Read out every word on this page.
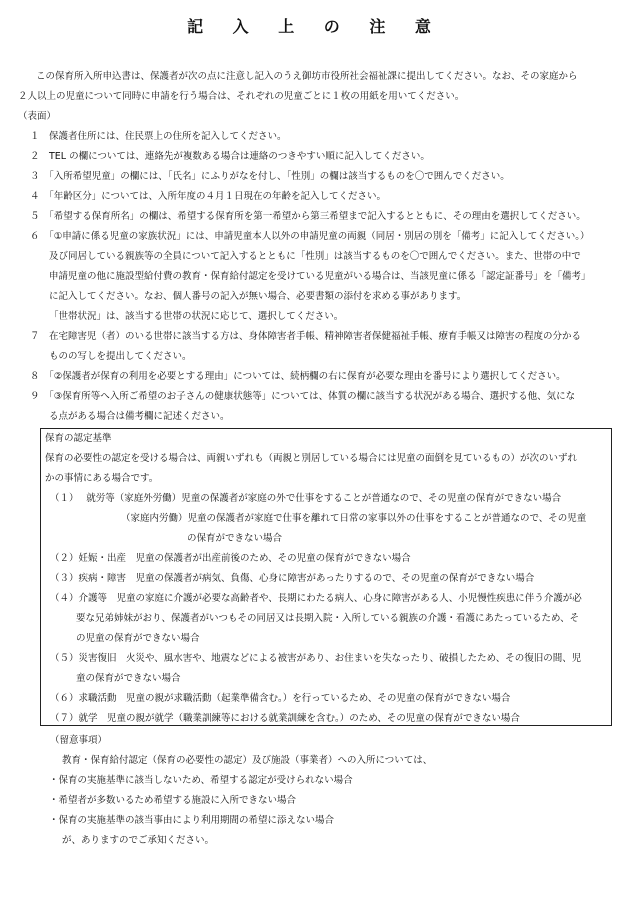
記 入 上 の 注 意
この保育所入所申込書は、保護者が次の点に注意し記入のうえ御坊市役所社会福祉課に提出してください。なお、その家庭から
２人以上の児童について同時に申請を行う場合は、それぞれの児童ごとに１枚の用紙を用いてください。
（表面）
１　保護者住所には、住民票上の住所を記入してください。
２　TEL の欄については、連絡先が複数ある場合は連絡のつきやすい順に記入してください。
３　「入所希望児童」の欄には、「氏名」にふりがなを付し、「性別」の欄は該当するものを〇で囲んでください。
４　「年齢区分」については、入所年度の４月１日現在の年齢を記入してください。
５　「希望する保育所名」の欄は、希望する保育所を第一希望から第三希望まで記入するとともに、その理由を選択してください。
６　「①申請に係る児童の家族状況」には、申請児童本人以外の申請児童の両親（同居・別居の別を「備考」に記入してください。）
及び同居している親族等の全員について記入するとともに「性別」は該当するものを〇で囲んでください。また、世帯の中で
申請児童の他に施設型給付費の教育・保育給付認定を受けている児童がいる場合は、当該児童に係る「認定証番号」を「備考」
に記入してください。なお、個人番号の記入が無い場合、必要書類の添付を求める事があります。
「世帯状況」は、該当する世帯の状況に応じて、選択してください。
７　在宅障害児（者）のいる世帯に該当する方は、身体障害者手帳、精神障害者保健福祉手帳、療育手帳又は障害の程度の分かる
ものの写しを提出してください。
８　「②保護者が保育の利用を必要とする理由」については、続柄欄の右に保育が必要な理由を番号により選択してください。
９　「③保育所等へ入所ご希望のお子さんの健康状態等」については、体質の欄に該当する状況がある場合、選択する他、気にな
る点がある場合は備考欄に記述ください。
保育の認定基準
保育の必要性の認定を受ける場合は、両親いずれも（両親と別居している場合には児童の面倒を見ているもの）が次のいずれ
かの事情にある場合です。
（１）　 就労等（家庭外労働）児童の保護者が家庭の外で仕事をすることが普通なので、その児童の保育ができない場合
（家庭内労働）児童の保護者が家庭で仕事を離れて日常の家事以外の仕事をすることが普通なので、その児童
の保育ができない場合
（２）妊娠・出産　児童の保護者が出産前後のため、その児童の保育ができない場合
（３）疾病・障害　児童の保護者が病気、負傷、心身に障害があったりするので、その児童の保育ができない場合
（４）介護等　児童の家庭に介護が必要な高齢者や、長期にわたる病人、心身に障害がある人、小児慢性疾患に伴う介護が必
要な兄弟姉妹がおり、保護者がいつもその同居又は長期入院・入所している親族の介護・看護にあたっているため、そ
の児童の保育ができない場合
（５）災害復旧　火災や、風水害や、地震などによる被害があり、お住まいを失なったり、破損したため、その復旧の間、児
童の保育ができない場合
（６）求職活動　児童の親が求職活動（起業準備含む。）を行っているため、その児童の保育ができない場合
（７）就学　児童の親が就学（職業訓練等における就業訓練を含む。）のため、その児童の保育ができない場合
（留意事項）
教育・保育給付認定（保育の必要性の認定）及び施設（事業者）への入所については、
・保育の実施基準に該当しないため、希望する認定が受けられない場合
・希望者が多数いるため希望する施設に入所できない場合
・保育の実施基準の該当事由により利用期間の希望に添えない場合
が、ありますのでご承知ください。
